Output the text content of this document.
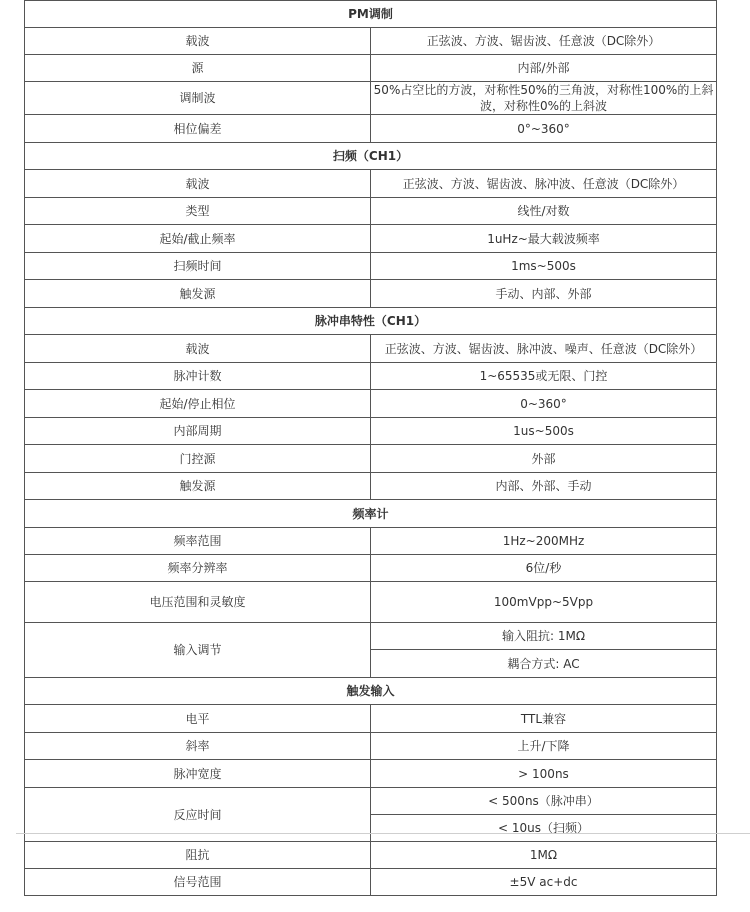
PM调制	
载波	正弦波、方波、锯齿波、任意波（DC除外）
源	内部/外部
调制波	50%占空比的方波，对称性50%的三角波，对称性100%的上斜波，对称性0%的上斜波
相位偏差	0°~360°
扫频（CH1）	
载波	正弦波、方波、锯齿波、脉冲波、任意波（DC除外）
类型	线性/对数
起始/截止频率	1uHz~最大载波频率
扫频时间	1ms~500s
触发源	手动、内部、外部
脉冲串特性（CH1）	
载波	正弦波、方波、锯齿波、脉冲波、噪声、任意波（DC除外）
脉冲计数	1~65535或无限、门控
起始/停止相位	0~360°
内部周期	1us~500s
门控源	外部
触发源	内部、外部、手动
频率计	
频率范围	1Hz~200MHz
频率分辨率	6位/秒
电压范围和灵敏度	100mVpp~5Vpp
输入调节	输入阻抗: 1MΩ
	耦合方式: AC
触发输入	
电平	TTL兼容
斜率	上升/下降
脉冲宽度	> 100ns
反应时间	< 500ns（脉冲串）
	< 10us（扫频）
阻抗	1MΩ
信号范围	±5V ac+dc
